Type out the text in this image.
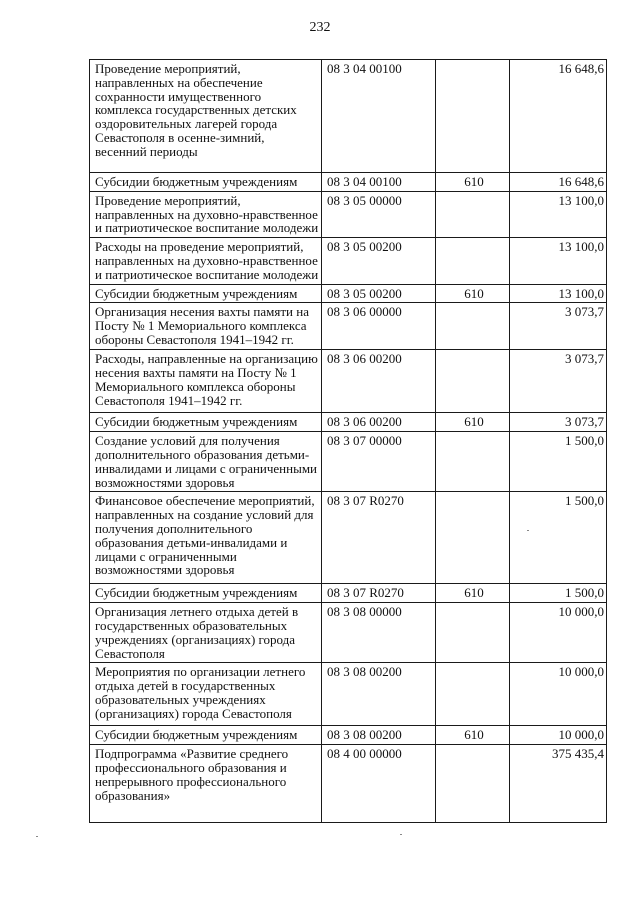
232
Проведение мероприятий, направленных на обеспечение сохранности имущественного комплекса государственных детских оздоровительных лагерей города Севастополя в осенне-зимний, весенний периоды	08 3 04 00100		16 648,6
Субсидии бюджетным учреждениям	08 3 04 00100	610	16 648,6
Проведение мероприятий, направленных на духовно-нравственное и патриотическое воспитание молодежи	08 3 05 00000		13 100,0
Расходы на проведение мероприятий, направленных на духовно-нравственное и патриотическое воспитание молодежи	08 3 05 00200		13 100,0
Субсидии бюджетным учреждениям	08 3 05 00200	610	13 100,0
Организация несения вахты памяти на Посту № 1 Мемориального комплекса обороны Севастополя 1941–1942 гг.	08 3 06 00000		3 073,7
Расходы, направленные на организацию несения вахты памяти на Посту № 1 Мемориального комплекса обороны Севастополя 1941–1942 гг.	08 3 06 00200		3 073,7
Субсидии бюджетным учреждениям	08 3 06 00200	610	3 073,7
Создание условий для получения дополнительного образования детьми-инвалидами и лицами с ограниченными возможностями здоровья	08 3 07 00000		1 500,0
Финансовое обеспечение мероприятий, направленных на создание условий для получения дополнительного образования детьми-инвалидами и лицами с ограниченными возможностями здоровья	08 3 07 R0270		1 500,0
Субсидии бюджетным учреждениям	08 3 07 R0270	610	1 500,0
Организация летнего отдыха детей в государственных образовательных учреждениях (организациях) города Севастополя	08 3 08 00000		10 000,0
Мероприятия по организации летнего отдыха детей в государственных образовательных учреждениях (организациях) города Севастополя	08 3 08 00200		10 000,0
Субсидии бюджетным учреждениям	08 3 08 00200	610	10 000,0
Подпрограмма «Развитие среднего профессионального образования и непрерывного профессионального образования»	08 4 00 00000		375 435,4
